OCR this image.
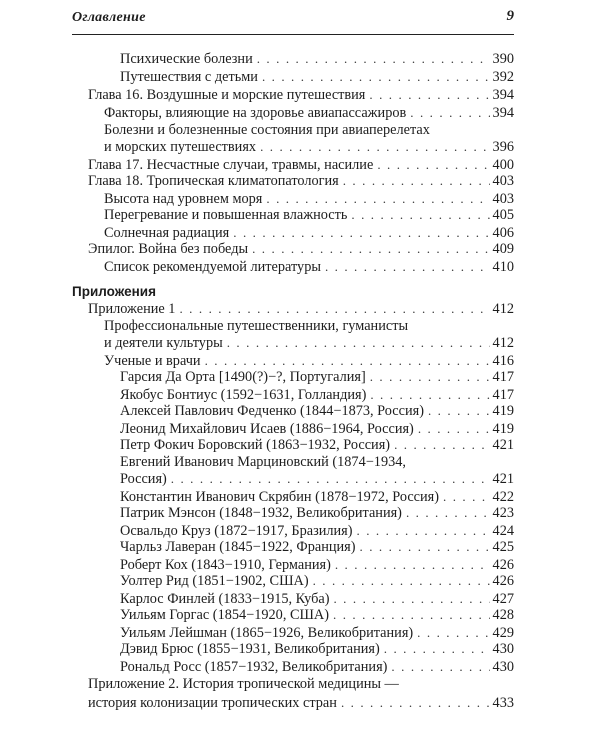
Оглавление	9
Психические болезни . . .	390
Путешествия с детьми . . .	392
Глава 16. Воздушные и морские путешествия . . .	394
Факторы, влияющие на здоровье авиапассажиров . . .	394
Болезни и болезненные состояния при авиаперелетах
и морских путешествиях . . .	396
Глава 17. Несчастные случаи, травмы, насилие . . .	400
Глава 18. Тропическая климатопатология . . .	403
Высота над уровнем моря . . .	403
Перегревание и повышенная влажность . . .	405
Солнечная радиация . . .	406
Эпилог. Война без победы . . .	409
Список рекомендуемой литературы . . .	410
Приложения
Приложение 1 . . .	412
Профессиональные путешественники, гуманисты
и деятели культуры . . .	412
Ученые и врачи . . .	416
Гарсия Да Орта [1490(?)−?, Португалия] . . .	417
Якобус Бонтиус (1592−1631, Голландия) . . .	417
Алексей Павлович Федченко (1844−1873, Россия) . . .	419
Леонид Михайлович Исаев (1886−1964, Россия) . . .	419
Петр Фокич Боровский (1863−1932, Россия) . . .	421
Евгений Иванович Марциновский (1874−1934,
Россия) . . .	421
Константин Иванович Скрябин (1878−1972, Россия) . . .	422
Патрик Мэнсон (1848−1932, Великобритания) . . .	423
Освальдо Круз (1872−1917, Бразилия) . . .	424
Чарльз Лаверан (1845−1922, Франция) . . .	425
Роберт Кох (1843−1910, Германия) . . .	426
Уолтер Рид (1851−1902, США) . . .	426
Карлос Финлей (1833−1915, Куба) . . .	427
Уильям Горгас (1854−1920, США) . . .	428
Уильям Лейшман (1865−1926, Великобритания) . . .	429
Дэвид Брюс (1855−1931, Великобритания) . . .	430
Рональд Росс (1857−1932, Великобритания) . . .	430
Приложение 2. История тропической медицины —
история колонизации тропических стран . . .	433
